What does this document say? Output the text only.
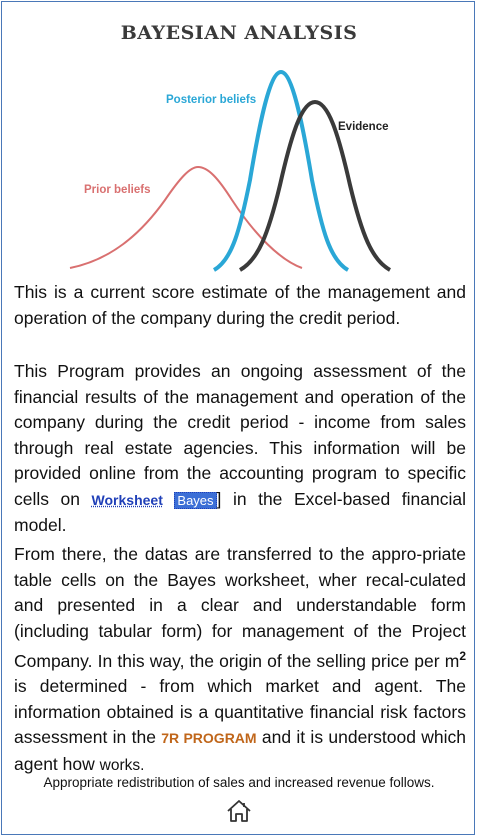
BAYESIAN ANALYSIS
Posterior beliefs
Evidence
Prior beliefs
This is a current score estimate of the management and operation of the company during the credit period.
This Program provides an ongoing assessment of the financial results of the management and operation of the company during the credit period - income from sales through real estate agencies. This information will be provided online from the accounting program to specific cells on Worksheet Bayes ] in the Excel-based financial model.
From there, the datas are transferred to the appro-priate table cells on the Bayes worksheet, wher recal-culated and presented in a clear and understandable form (including tabular form) for management of the Project Company. In this way, the origin of the selling price per $m^2$ is determined - from which market and agent. The information obtained is a quantitative financial risk factors assessment in the 7R PROGRAM and it is understood which agent how works.
Appropriate redistribution of sales and increased revenue follows.
